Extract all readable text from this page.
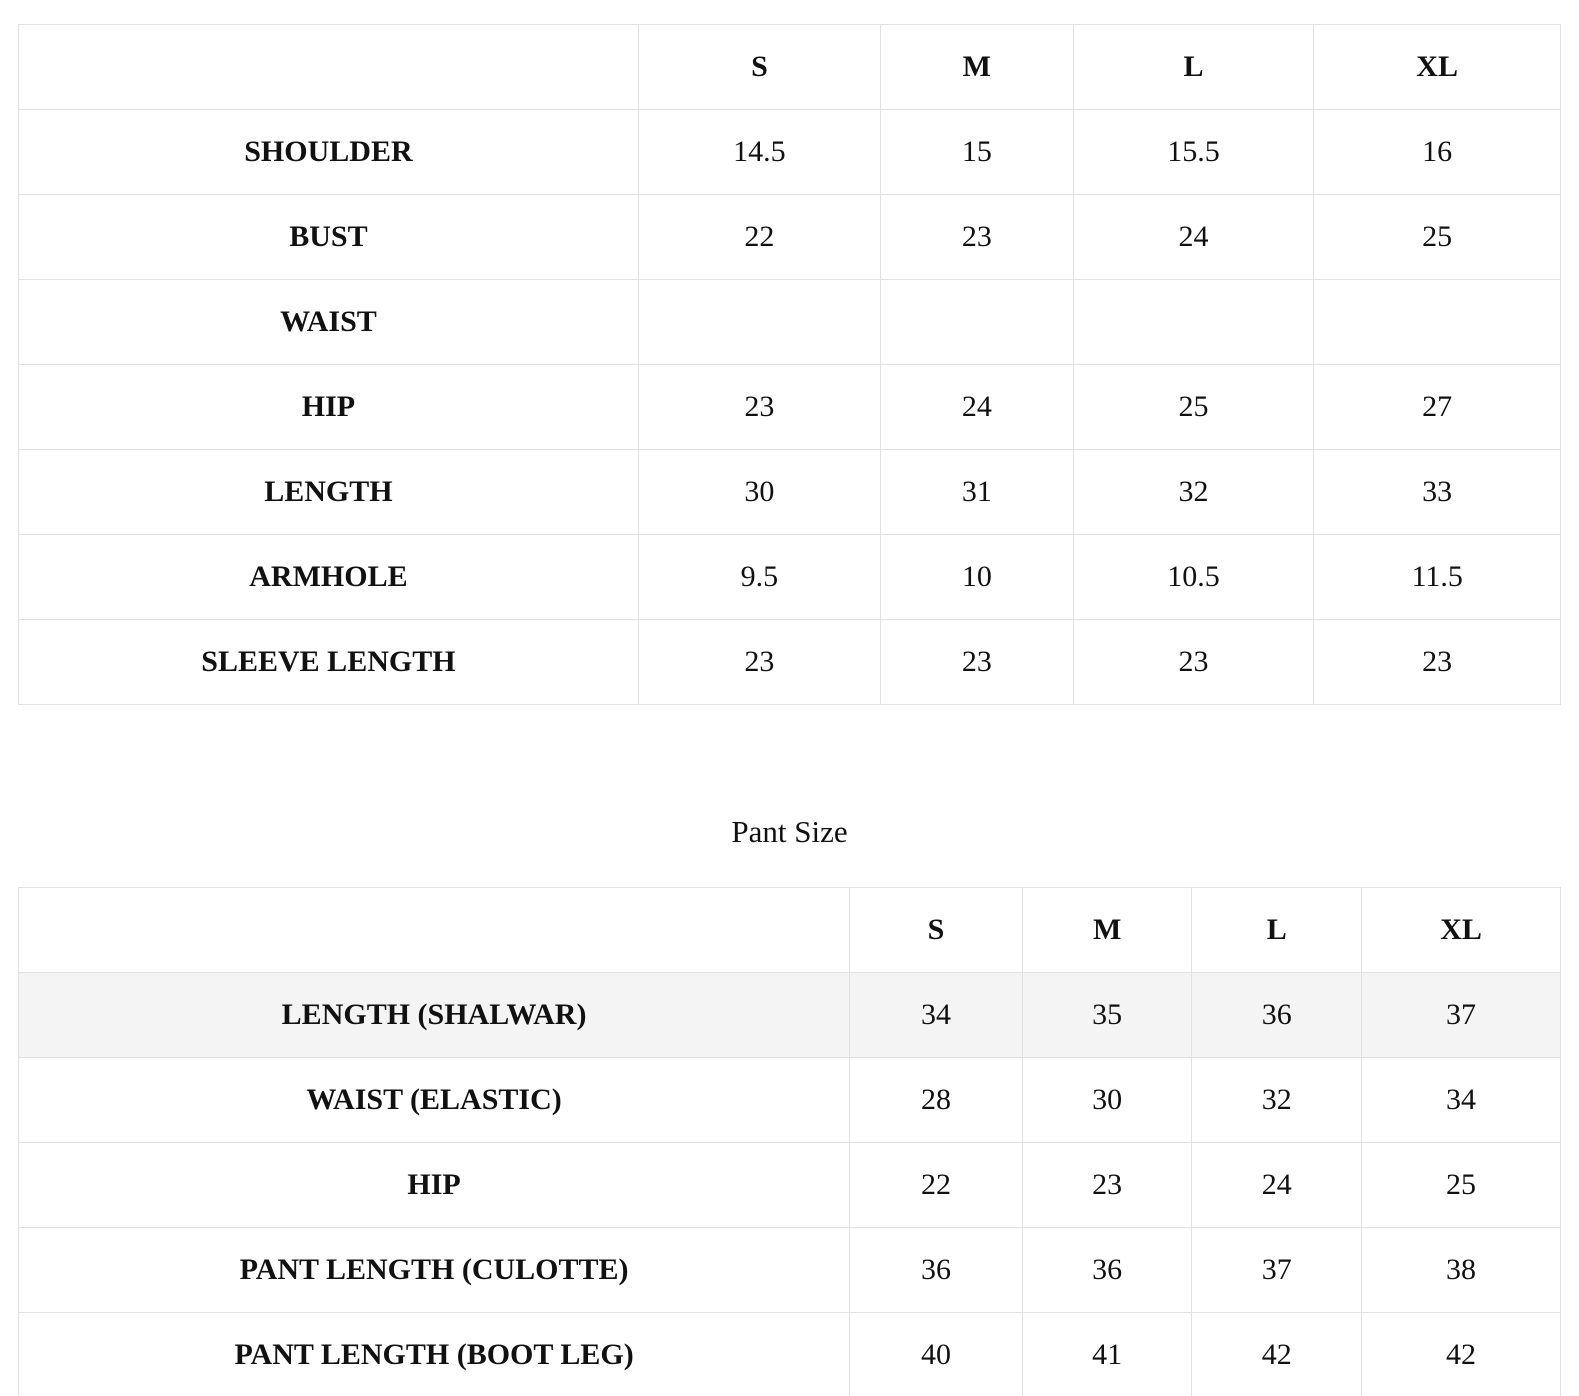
	S	M	L	XL
SHOULDER	14.5	15	15.5	16
BUST	22	23	24	25
WAIST				
HIP	23	24	25	27
LENGTH	30	31	32	33
ARMHOLE	9.5	10	10.5	11.5
SLEEVE LENGTH	23	23	23	23

Pant Size

	S	M	L	XL
LENGTH (SHALWAR)	34	35	36	37
WAIST (ELASTIC)	28	30	32	34
HIP	22	23	24	25
PANT LENGTH (CULOTTE)	36	36	37	38
PANT LENGTH (BOOT LEG)	40	41	42	42
